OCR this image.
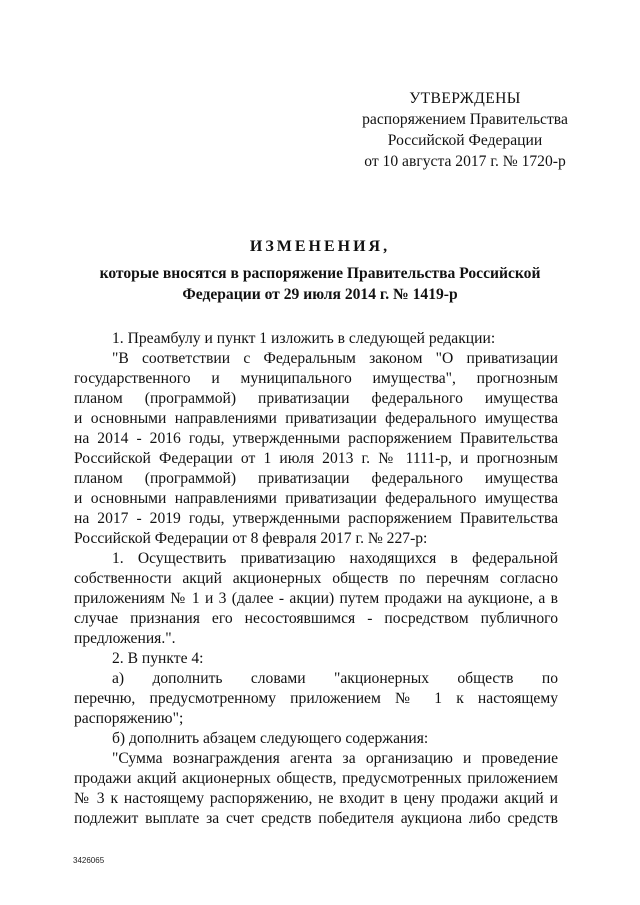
УТВЕРЖДЕНЫ
распоряжением Правительства
Российской Федерации
от 10 августа 2017 г. № 1720-р
ИЗМЕНЕНИЯ,
которые вносятся в распоряжение Правительства Российской
Федерации от 29 июля 2014 г. № 1419-р

1. Преамбулу и пункт 1 изложить в следующей редакции:

"В соответствии с Федеральным законом "О приватизации

государственного и муниципального имущества", прогнозным

планом (программой) приватизации федерального имущества

и основными направлениями приватизации федерального имущества

на 2014 - 2016 годы, утвержденными распоряжением Правительства

Российской Федерации от 1 июля 2013 г. № 1111-р, и прогнозным

планом (программой) приватизации федерального имущества

и основными направлениями приватизации федерального имущества

на 2017 - 2019 годы, утвержденными распоряжением Правительства

Российской Федерации от 8 февраля 2017 г. № 227-р:

1. Осуществить приватизацию находящихся в федеральной

собственности акций акционерных обществ по перечням согласно

приложениям № 1 и 3 (далее - акции) путем продажи на аукционе, а в

случае признания его несостоявшимся - посредством публичного

предложения.".

2. В пункте 4:

а) дополнить словами "акционерных обществ по

перечню, предусмотренному приложением № 1 к настоящему

распоряжению";

б) дополнить абзацем следующего содержания:

"Сумма вознаграждения агента за организацию и проведение

продажи акций акционерных обществ, предусмотренных приложением

№ 3 к настоящему распоряжению, не входит в цену продажи акций и

подлежит выплате за счет средств победителя аукциона либо средств

3426065
